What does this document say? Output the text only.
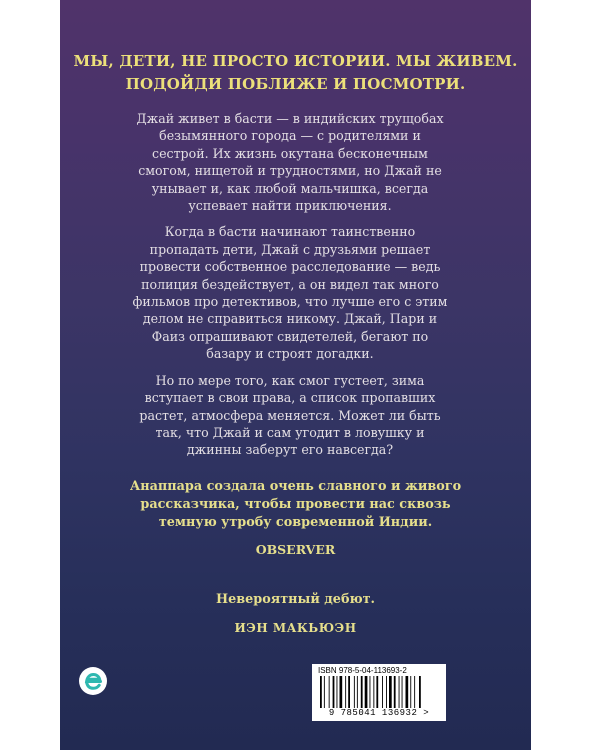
МЫ, ДЕТИ, НЕ ПРОСТО ИСТОРИИ. МЫ ЖИВЕМ.
ПОДОЙДИ ПОБЛИЖЕ И ПОСМОТРИ.

Джай живет в басти — в индийских трущобах безымянного города — с родителями и сестрой. Их жизнь окутана бесконечным смогом, нищетой и трудностями, но Джай не унывает и, как любой мальчишка, всегда успевает найти приключения.

Когда в басти начинают таинственно пропадать дети, Джай с друзьями решает провести собственное расследование — ведь полиция бездействует, а он видел так много фильмов про детективов, что лучше его с этим делом не справиться никому. Джай, Пари и Фаиз опрашивают свидетелей, бегают по базару и строят догадки.

Но по мере того, как смог густеет, зима вступает в свои права, а список пропавших растет, атмосфера меняется. Может ли быть так, что Джай и сам угодит в ловушку и джинны заберут его навсегда?

Анаппара создала очень славного и живого рассказчика, чтобы провести нас сквозь темную утробу современной Индии.
OBSERVER
Невероятный дебют.
ИЭН МАКЬЮЭН
ISBN 978-5-04-113693-2
9 785041 136932 >
